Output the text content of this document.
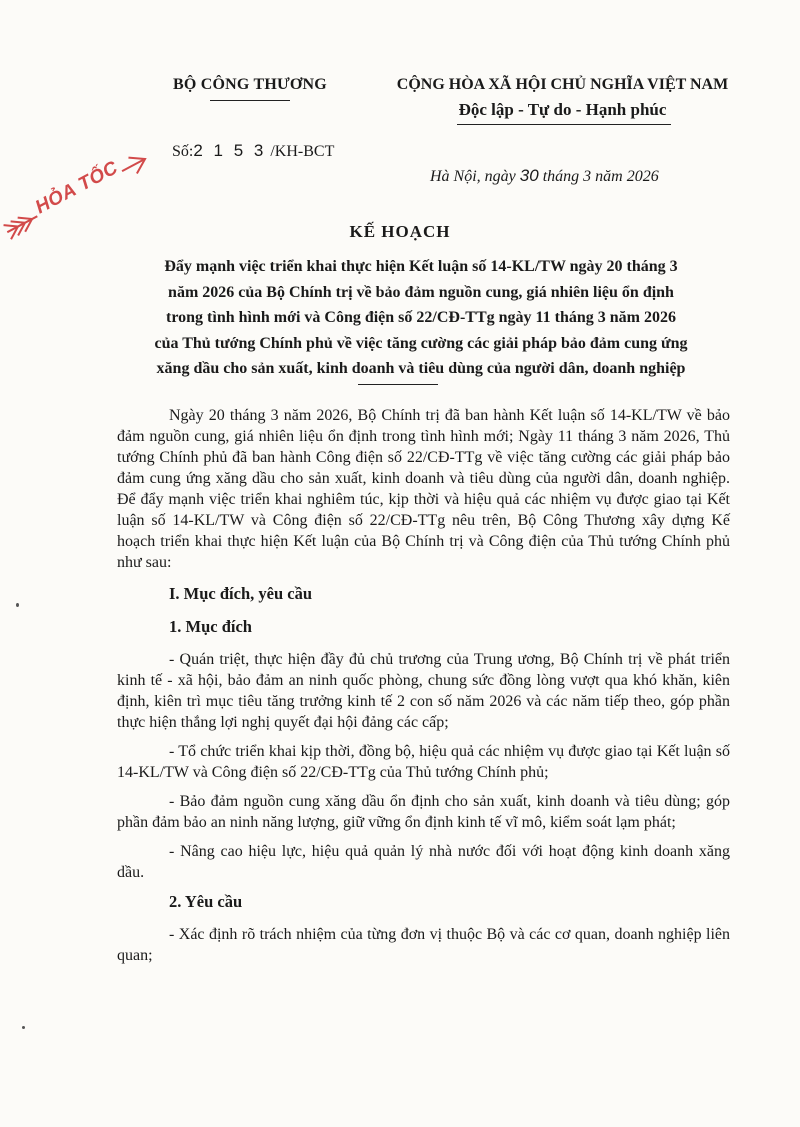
BỘ CÔNG THƯƠNG	CỘNG HÒA XÃ HỘI CHỦ NGHĨA VIỆT NAM
Độc lập - Tự do - Hạnh phúc
Số:2 1 5 3 /KH-BCT
Hà Nội, ngày 30 tháng 3 năm 2026
HỎA TỐC
KẾ HOẠCH
Đẩy mạnh việc triển khai thực hiện Kết luận số 14-KL/TW ngày 20 tháng 3
năm 2026 của Bộ Chính trị về bảo đảm nguồn cung, giá nhiên liệu ổn định
trong tình hình mới và Công điện số 22/CĐ-TTg ngày 11 tháng 3 năm 2026
của Thủ tướng Chính phủ về việc tăng cường các giải pháp bảo đảm cung ứng
xăng dầu cho sản xuất, kinh doanh và tiêu dùng của người dân, doanh nghiệp

Ngày 20 tháng 3 năm 2026, Bộ Chính trị đã ban hành Kết luận số 14-KL/TW về bảo đảm nguồn cung, giá nhiên liệu ổn định trong tình hình mới; Ngày 11 tháng 3 năm 2026, Thủ tướng Chính phủ đã ban hành Công điện số 22/CĐ-TTg về việc tăng cường các giải pháp bảo đảm cung ứng xăng dầu cho sản xuất, kinh doanh và tiêu dùng của người dân, doanh nghiệp. Để đẩy mạnh việc triển khai nghiêm túc, kịp thời và hiệu quả các nhiệm vụ được giao tại Kết luận số 14-KL/TW và Công điện số 22/CĐ-TTg nêu trên, Bộ Công Thương xây dựng Kế hoạch triển khai thực hiện Kết luận của Bộ Chính trị và Công điện của Thủ tướng Chính phủ như sau:

I. Mục đích, yêu cầu
1. Mục đích

- Quán triệt, thực hiện đầy đủ chủ trương của Trung ương, Bộ Chính trị về phát triển kinh tế - xã hội, bảo đảm an ninh quốc phòng, chung sức đồng lòng vượt qua khó khăn, kiên định, kiên trì mục tiêu tăng trưởng kinh tế 2 con số năm 2026 và các năm tiếp theo, góp phần thực hiện thắng lợi nghị quyết đại hội đảng các cấp;

- Tổ chức triển khai kịp thời, đồng bộ, hiệu quả các nhiệm vụ được giao tại Kết luận số 14-KL/TW và Công điện số 22/CĐ-TTg của Thủ tướng Chính phủ;

- Bảo đảm nguồn cung xăng dầu ổn định cho sản xuất, kinh doanh và tiêu dùng; góp phần đảm bảo an ninh năng lượng, giữ vững ổn định kinh tế vĩ mô, kiểm soát lạm phát;

- Nâng cao hiệu lực, hiệu quả quản lý nhà nước đối với hoạt động kinh doanh xăng dầu.

2. Yêu cầu

- Xác định rõ trách nhiệm của từng đơn vị thuộc Bộ và các cơ quan, doanh nghiệp liên quan;
